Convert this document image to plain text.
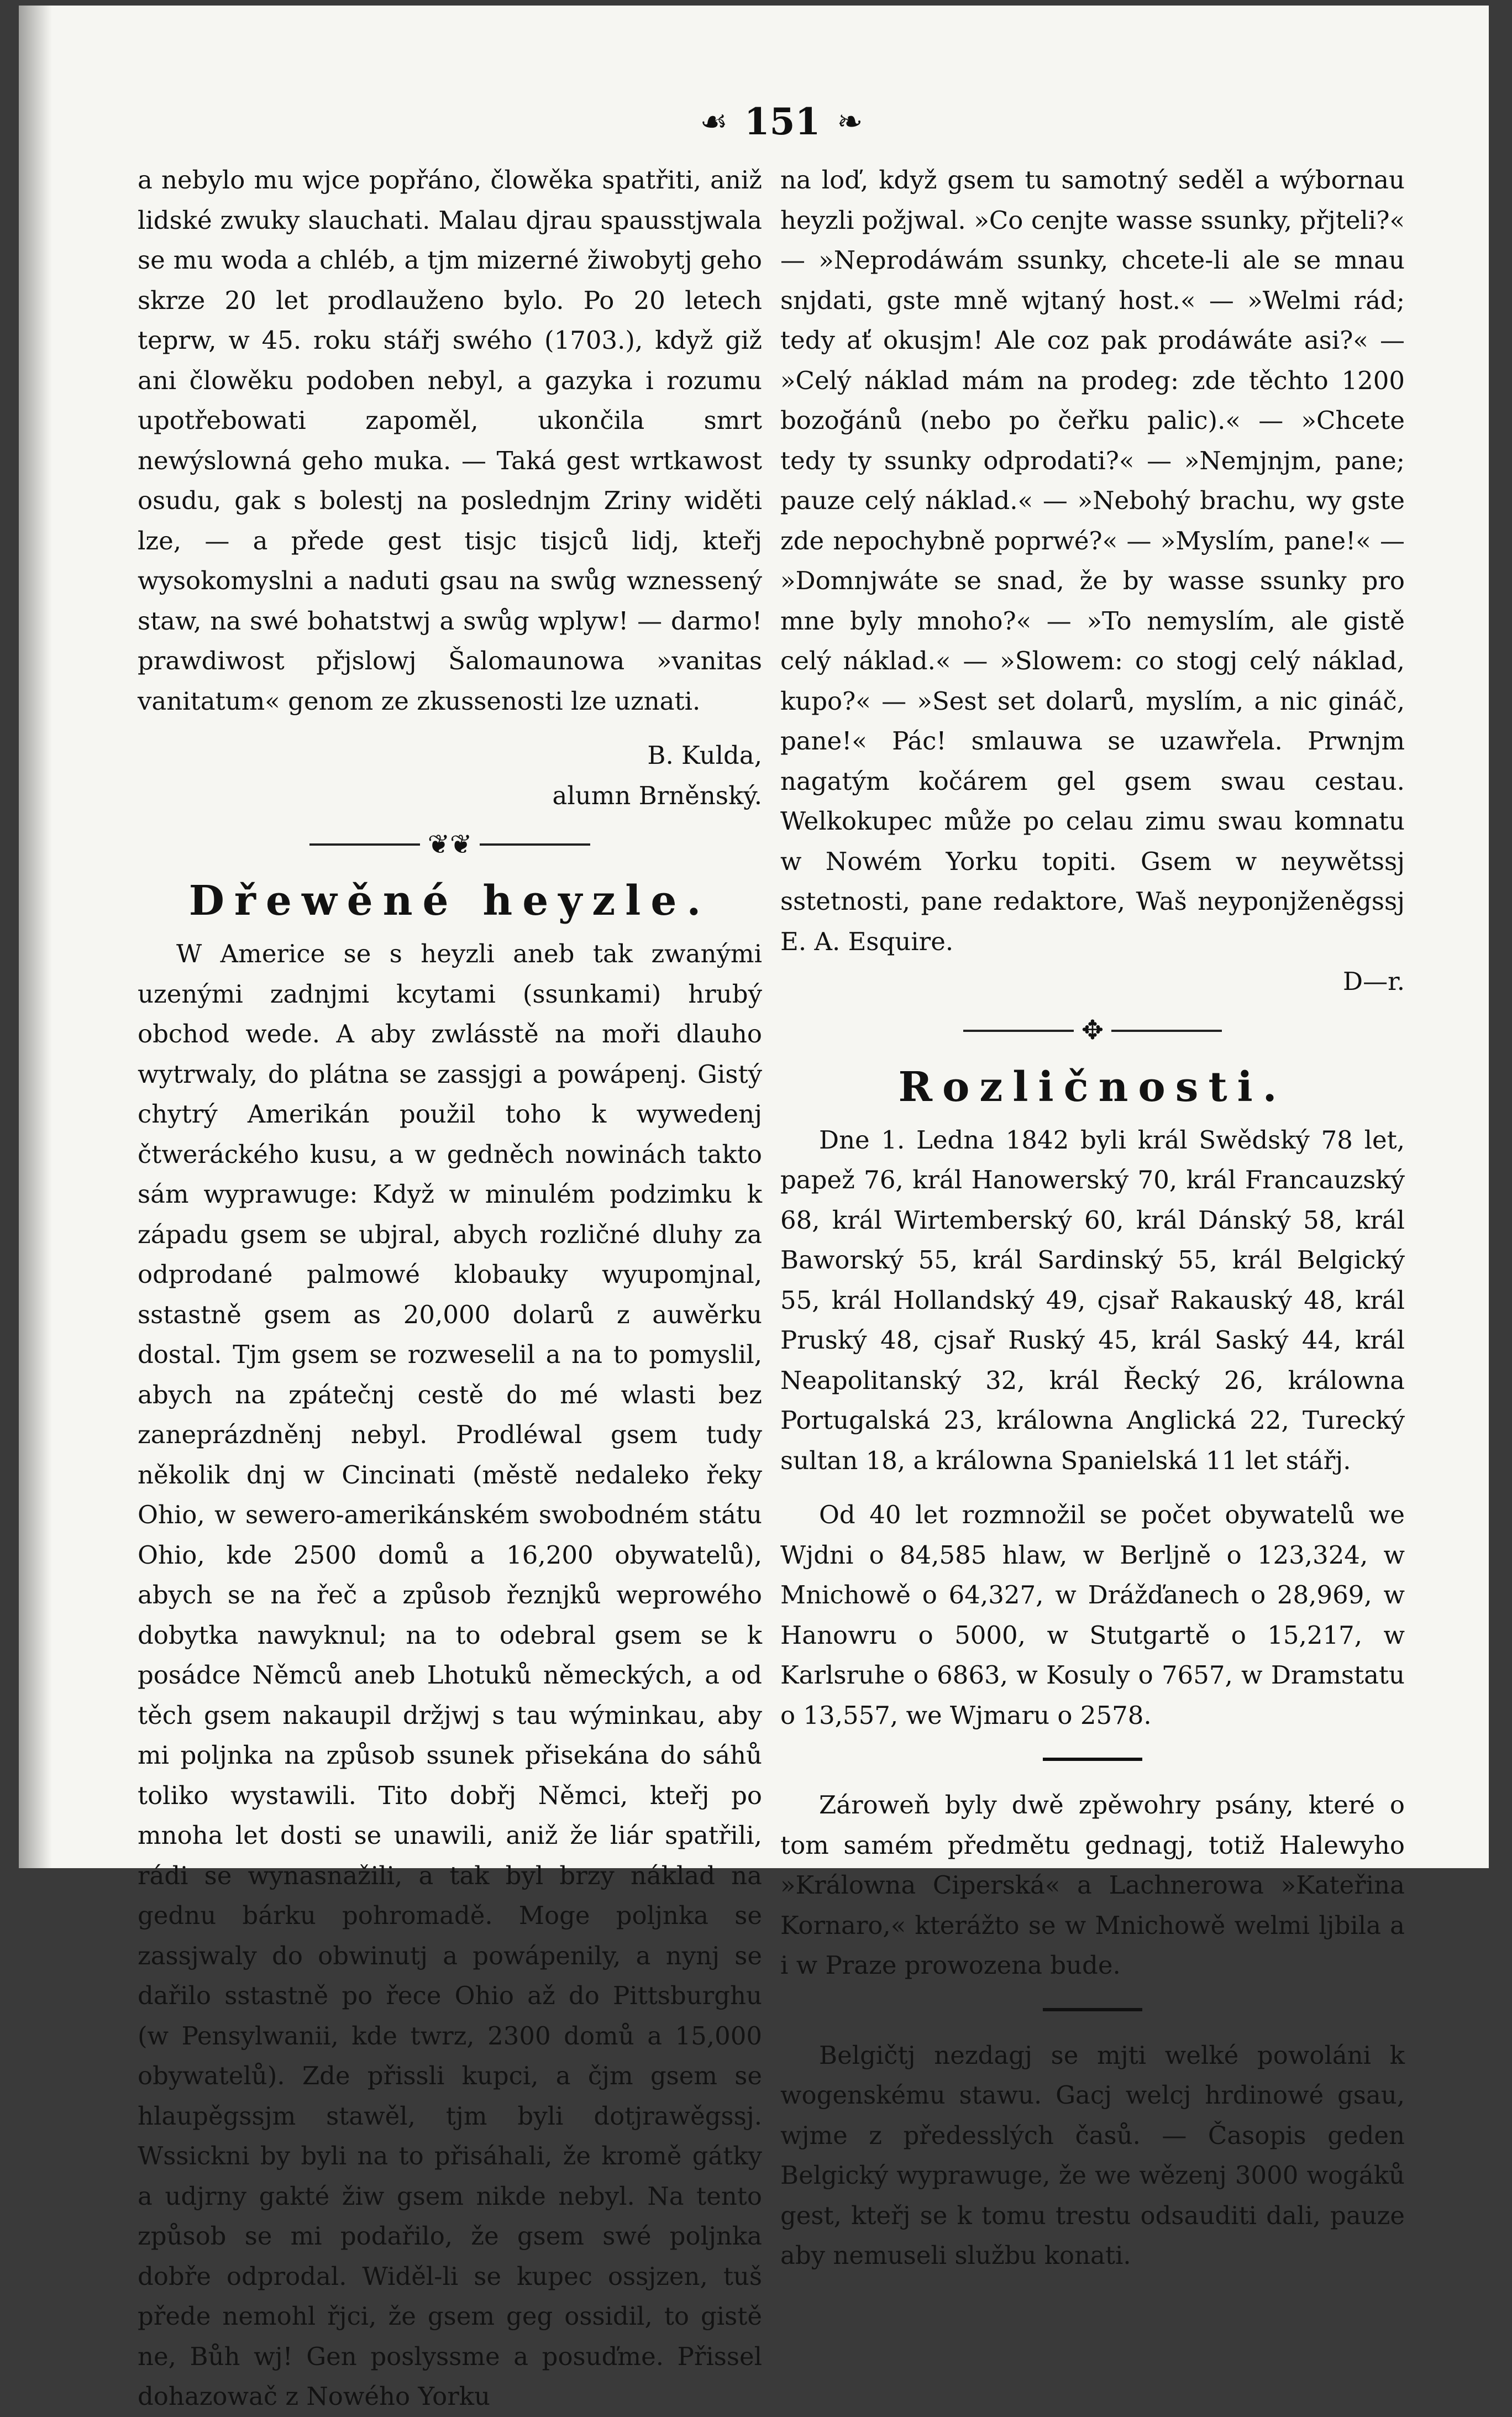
☙ 151 ❧

a nebylo mu wjce popřáno, člowěka spatřiti, aniž lidské zwuky slauchati. Malau djrau spausstjwala se mu woda a chléb, a tjm mizerné žiwobytj geho skrze 20 let prodlauženo bylo. Po 20 letech teprw, w 45. roku stářj swého (1703.), když giž ani člowěku podoben nebyl, a gazyka i rozumu upotřebowati zapoměl, ukončila smrt newýslowná geho muka. — Taká gest wrtkawost osudu, gak s bolestj na poslednjm Zriny widěti lze, — a přede gest tisjc tisjců lidj, kteřj wysokomyslni a naduti gsau na swůg wznessený staw, na swé bohatstwj a swůg wplyw! — darmo! prawdiwost přjslowj Šalomaunowa »vanitas vanitatum« genom ze zkussenosti lze uznati.

B. Kulda,

alumn Brněnský.

❦❦
Dřewěné heyzle.

W Americe se s heyzli aneb tak zwanými uzenými zadnjmi kcytami (ssunkami) hrubý obchod wede. A aby zwlásstě na moři dlauho wytrwaly, do plátna se zassjgi a powápenj. Gistý chytrý Amerikán použil toho k wywedenj čtweráckého kusu, a w gedněch nowinách takto sám wyprawuge: Když w minulém podzimku k západu gsem se ubjral, abych rozličné dluhy za odprodané palmowé klobauky wyupomjnal, sstastně gsem as 20,000 dolarů z auwěrku dostal. Tjm gsem se rozweselil a na to pomyslil, abych na zpátečnj cestě do mé wlasti bez zaneprázdněnj nebyl. Prodléwal gsem tudy několik dnj w Cincinati (městě nedaleko řeky Ohio, w sewero-amerikánském swobodném státu Ohio, kde 2500 domů a 16,200 obywatelů), abych se na řeč a způsob řeznjků weprowého dobytka nawyknul; na to odebral gsem se k posádce Němců aneb Lhotuků německých, a od těch gsem nakaupil držjwj s tau wýminkau, aby mi poljnka na způsob ssunek přisekána do sáhů toliko wystawili. Tito dobřj Němci, kteřj po mnoha let dosti se unawili, aniž že liár spatřili, rádi se wynasnažili, a tak byl brzy náklad na gednu bárku pohromadě. Moge poljnka se zassjwaly do obwinutj a powápenily, a nynj se dařilo sstastně po řece Ohio až do Pittsburghu (w Pensylwanii, kde twrz, 2300 domů a 15,000 obywatelů). Zde přissli kupci, a čjm gsem se hlaupěgssjm stawěl, tjm byli dotjrawěgssj. Wssickni by byli na to přisáhali, že kromě gátky a udjrny gakté žiw gsem nikde nebyl. Na tento způsob se mi podařilo, že gsem swé poljnka dobře odprodal. Widěl-li se kupec ossjzen, tuš přede nemohl řjci, že gsem geg ossidil, to gistě ne, Bůh wj! Gen poslyssme a posuďme. Přissel dohazowač z Nowého Yorku

na loď, když gsem tu samotný seděl a wýbornau heyzli požjwal. »Co cenjte wasse ssunky, přjteli?« — »Neprodáwám ssunky, chcete-li ale se mnau snjdati, gste mně wjtaný host.« — »Welmi rád; tedy ať okusjm! Ale coz pak prodáwáte asi?« — »Celý náklad mám na prodeg: zde těchto 1200 bozoğánů (nebo po čeřku palic).« — »Chcete tedy ty ssunky odprodati?« — »Nemjnjm, pane; pauze celý náklad.« — »Nebohý brachu, wy gste zde nepochybně poprwé?« — »Myslím, pane!« — »Domnjwáte se snad, že by wasse ssunky pro mne byly mnoho?« — »To nemyslím, ale gistě celý náklad.« — »Slowem: co stogj celý náklad, kupo?« — »Sest set dolarů, myslím, a nic gináč, pane!« Pác! smlauwa se uzawřela. Prwnjm nagatým kočárem gel gsem swau cestau. Welkokupec může po celau zimu swau komnatu w Nowém Yorku topiti. Gsem w neywětssj sstetnosti, pane redaktore, Waš neyponjženěgssj E. A. Esquire.

D—r.

✥
Rozličnosti.

Dne 1. Ledna 1842 byli král Swědský 78 let, papež 76, král Hanowerský 70, král Francauzský 68, král Wirtemberský 60, král Dánský 58, král Baworský 55, král Sardinský 55, král Belgický 55, král Hollandský 49, cjsař Rakauský 48, král Pruský 48, cjsař Ruský 45, král Saský 44, král Neapolitanský 32, král Řecký 26, králowna Portugalská 23, králowna Anglická 22, Turecký sultan 18, a králowna Spanielská 11 let stářj.

Od 40 let rozmnožil se počet obywatelů we Wjdni o 84,585 hlaw, w Berljně o 123,324, w Mnichowě o 64,327, w Drážďanech o 28,969, w Hanowru o 5000, w Stutgartě o 15,217, w Karlsruhe o 6863, w Kosuly o 7657, w Dramstatu o 13,557, we Wjmaru o 2578.

Zároweň byly dwě zpěwohry psány, které o tom samém předmětu gednagj, totiž Halewyho »Králowna Ciperská« a Lachnerowa »Kateřina Kornaro,« kterážto se w Mnichowě welmi ljbila a i w Praze prowozena bude.

Belgičtj nezdagj se mjti welké powoláni k wogenskému stawu. Gacj welcj hrdinowé gsau, wjme z předesslých časů. — Časopis geden Belgický wyprawuge, že we wězenj 3000 wogáků gest, kteřj se k tomu trestu odsauditi dali, pauze aby nemuseli službu konati.
